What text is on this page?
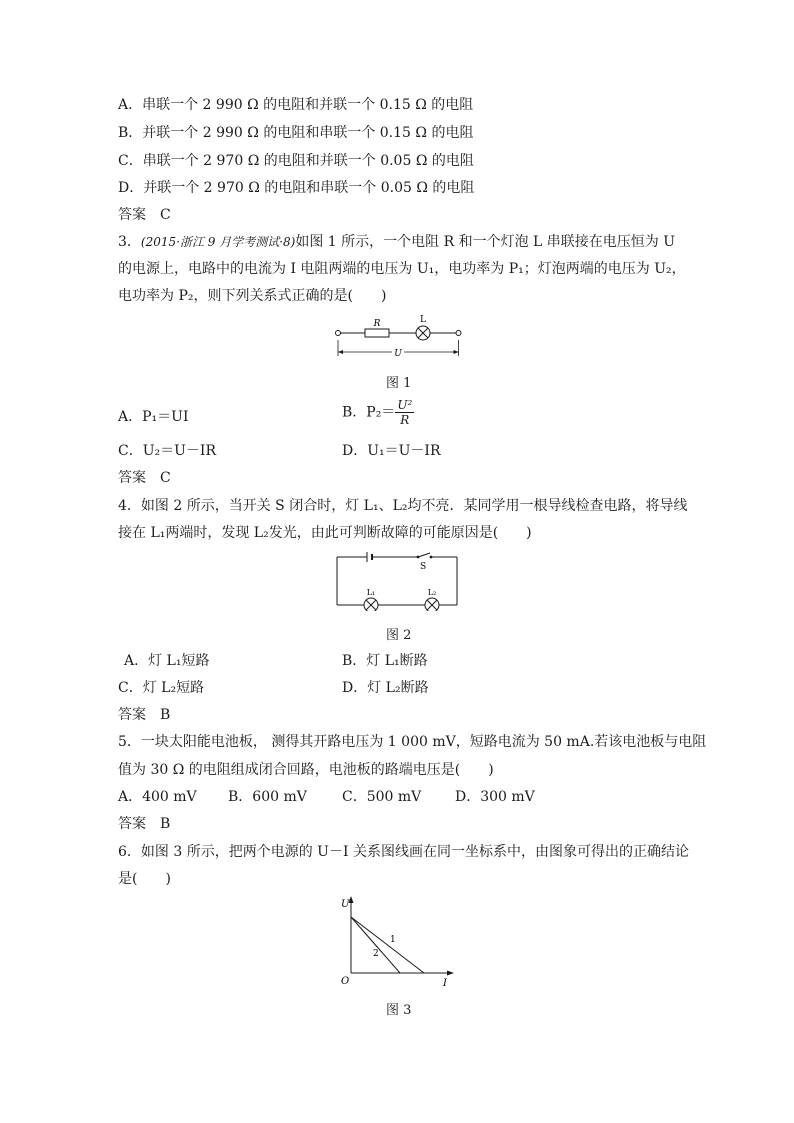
A．串联一个 2 990 Ω 的电阻和并联一个 0.15 Ω 的电阻
B．并联一个 2 990 Ω 的电阻和串联一个 0.15 Ω 的电阻
C．串联一个 2 970 Ω 的电阻和并联一个 0.05 Ω 的电阻
D．并联一个 2 970 Ω 的电阻和串联一个 0.05 Ω 的电阻
答案 C
3．(2015·浙江 9 月学考测试·8)如图 1 所示，一个电阻 R 和一个灯泡 L 串联接在电压恒为 U
的电源上，电路中的电流为 I 电阻两端的电压为 U₁，电功率为 P₁；灯泡两端的电压为 U₂，
电功率为 P₂，则下列关系式正确的是(　　)
R	L
U
图 1
A．P₁＝UI	B．$P_2= \frac{\text{U²}}{R}$
C．U₂＝U－IR	D．U₁＝U－IR
答案 C
4．如图 2 所示，当开关 S 闭合时，灯 L₁、L₂均不亮．某同学用一根导线检查电路，将导线
接在 L₁两端时，发现 L₂发光，由此可判断故障的可能原因是(　　)
S
L₁	L₂
图 2
A．灯 L₁短路	B．灯 L₁断路
C．灯 L₂短路	D．灯 L₂断路
答案 B
5．一块太阳能电池板， 测得其开路电压为 1 000 mV，短路电流为 50 mA.若该电池板与电阻
值为 30 Ω 的电阻组成闭合回路，电池板的路端电压是(　　)
A．400 mV B．600 mV	C．500 mV D．300 mV
答案 B
6．如图 3 所示，把两个电源的 U－I 关系图线画在同一坐标系中，由图象可得出的正确结论
是(　　)
U
I
O
1
2
图 3
